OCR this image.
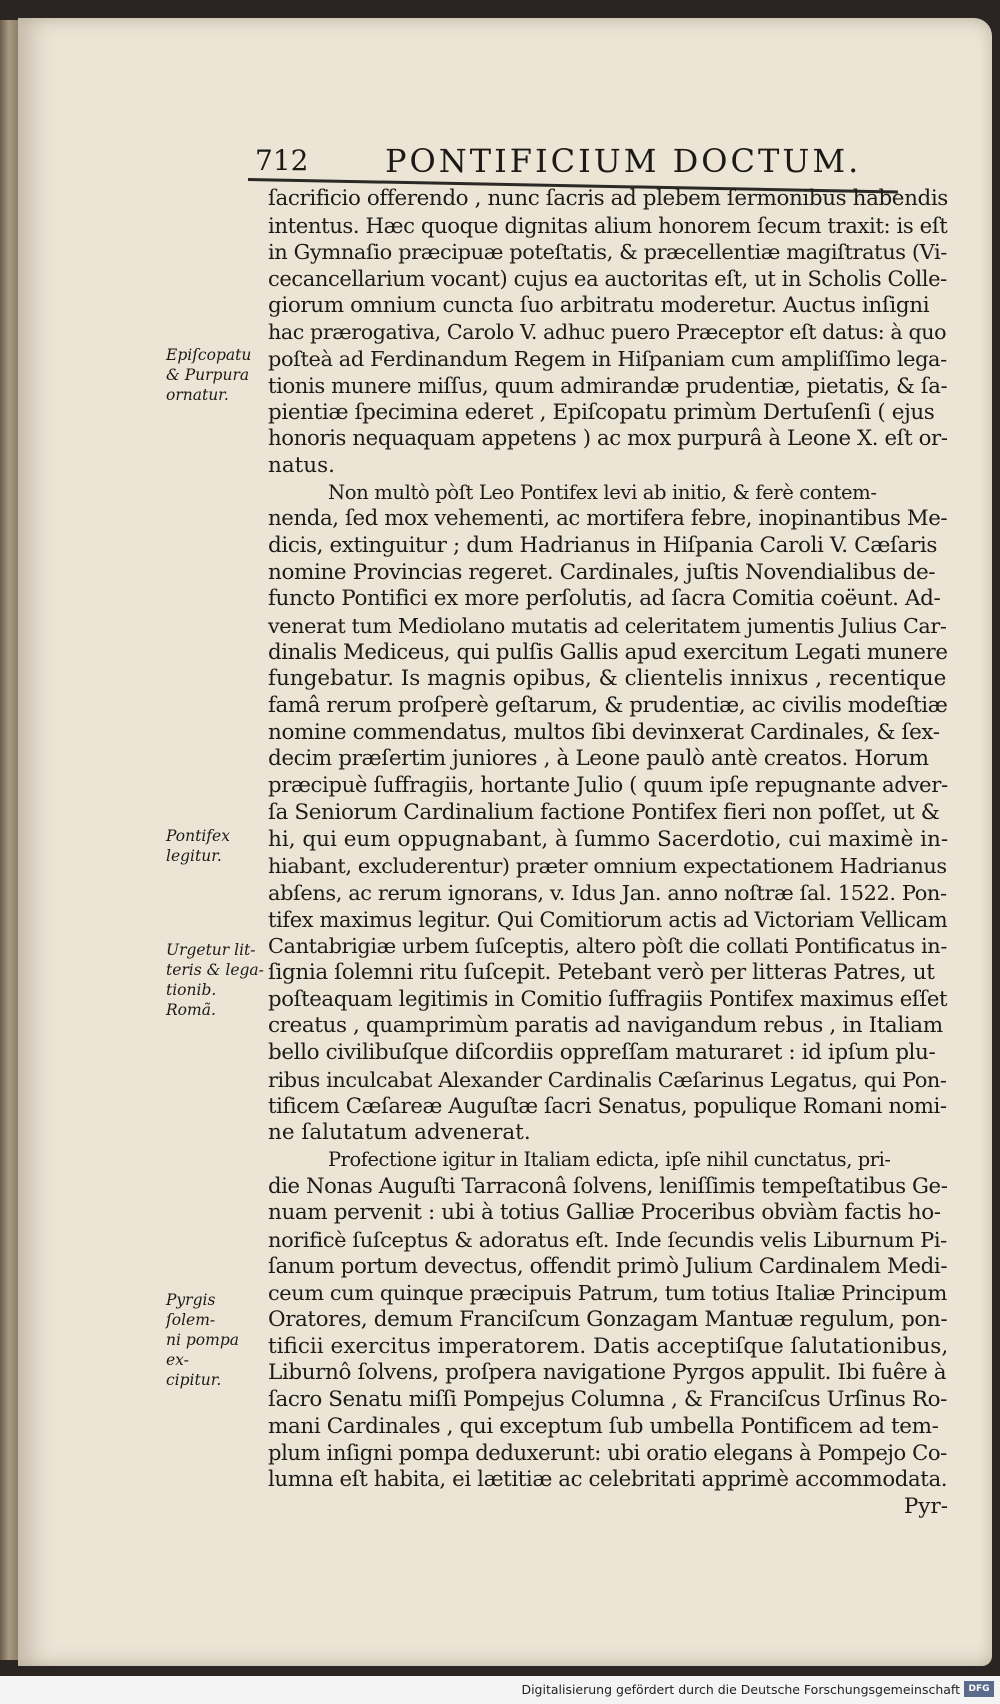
712 PONTIFICIUM DOCTUM.
ſacrificio offerendo , nunc ſacris ad plebem ſermonibus habendis
intentus. Hæc quoque dignitas alium honorem ſecum traxit: is eſt
in Gymnaſio præcipuæ poteſtatis, & præcellentiæ magiſtratus (Vi-
cecancellarium vocant) cujus ea auctoritas eſt, ut in Scholis Colle-
giorum omnium cuncta ſuo arbitratu moderetur. Auctus inſigni
hac prærogativa, Carolo V. adhuc puero Præceptor eſt datus: à quo
poſteà ad Ferdinandum Regem in Hiſpaniam cum ampliſſimo lega-
tionis munere miſſus, quum admirandæ prudentiæ, pietatis, & ſa-
pientiæ ſpecimina ederet , Epiſcopatu primùm Dertuſenſi ( ejus
honoris nequaquam appetens ) ac mox purpurâ à Leone X. eſt or-
natus.
Non multò pòſt Leo Pontifex levi ab initio, & ferè contem-
nenda, ſed mox vehementi, ac mortifera febre, inopinantibus Me-
dicis, extinguitur ; dum Hadrianus in Hiſpania Caroli V. Cæſaris
nomine Provincias regeret. Cardinales, juſtis Novendialibus de-
functo Pontifici ex more perſolutis, ad ſacra Comitia coëunt. Ad-
venerat tum Mediolano mutatis ad celeritatem jumentis Julius Car-
dinalis Mediceus, qui pulſis Gallis apud exercitum Legati munere
fungebatur. Is magnis opibus, & clientelis innixus , recentique
famâ rerum proſperè geſtarum, & prudentiæ, ac civilis modeſtiæ
nomine commendatus, multos ſibi devinxerat Cardinales, & ſex-
decim præſertim juniores , à Leone paulò antè creatos. Horum
præcipuè ſuffragiis, hortante Julio ( quum ipſe repugnante adver-
ſa Seniorum Cardinalium factione Pontifex fieri non poſſet, ut &
hi, qui eum oppugnabant, à ſummo Sacerdotio, cui maximè in-
hiabant, excluderentur) præter omnium expectationem Hadrianus
abſens, ac rerum ignorans, v. Idus Jan. anno noſtræ ſal. 1522. Pon-
tifex maximus legitur. Qui Comitiorum actis ad Victoriam Vellicam
Cantabrigiæ urbem ſuſceptis, altero pòſt die collati Pontificatus in-
ſignia ſolemni ritu ſuſcepit. Petebant verò per litteras Patres, ut
poſteaquam legitimis in Comitio ſuffragiis Pontifex maximus eſſet
creatus , quamprimùm paratis ad navigandum rebus , in Italiam
bello civilibuſque diſcordiis oppreſſam maturaret : id ipſum plu-
ribus inculcabat Alexander Cardinalis Cæſarinus Legatus, qui Pon-
tificem Cæſareæ Auguſtæ ſacri Senatus, populique Romani nomi-
ne ſalutatum advenerat.
Profectione igitur in Italiam edicta, ipſe nihil cunctatus, pri-
die Nonas Auguſti Tarraconâ ſolvens, leniſſimis tempeſtatibus Ge-
nuam pervenit : ubi à totius Galliæ Proceribus obviàm factis ho-
norificè ſuſceptus & adoratus eſt. Inde ſecundis velis Liburnum Pi-
ſanum portum devectus, offendit primò Julium Cardinalem Medi-
ceum cum quinque præcipuis Patrum, tum totius Italiæ Principum
Oratores, demum Franciſcum Gonzagam Mantuæ regulum, pon-
tificii exercitus imperatorem. Datis acceptiſque ſalutationibus,
Liburnô ſolvens, proſpera navigatione Pyrgos appulit. Ibi fuêre à
ſacro Senatu miſſi Pompejus Columna , & Franciſcus Urſinus Ro-
mani Cardinales , qui exceptum ſub umbella Pontificem ad tem-
plum inſigni pompa deduxerunt: ubi oratio elegans à Pompejo Co-
lumna eſt habita, ei lætitiæ ac celebritati apprimè accommodata.
Pyr-
Epiſcopatu
& Purpura
ornatur.
Pontifex
legitur.
Urgetur lit-
teris & lega-
tionib. Romã.
Pyrgis ſolem-
ni pompa ex-
cipitur.
Digitalisierung gefördert durch die Deutsche Forschungsgemeinschaft DFG
